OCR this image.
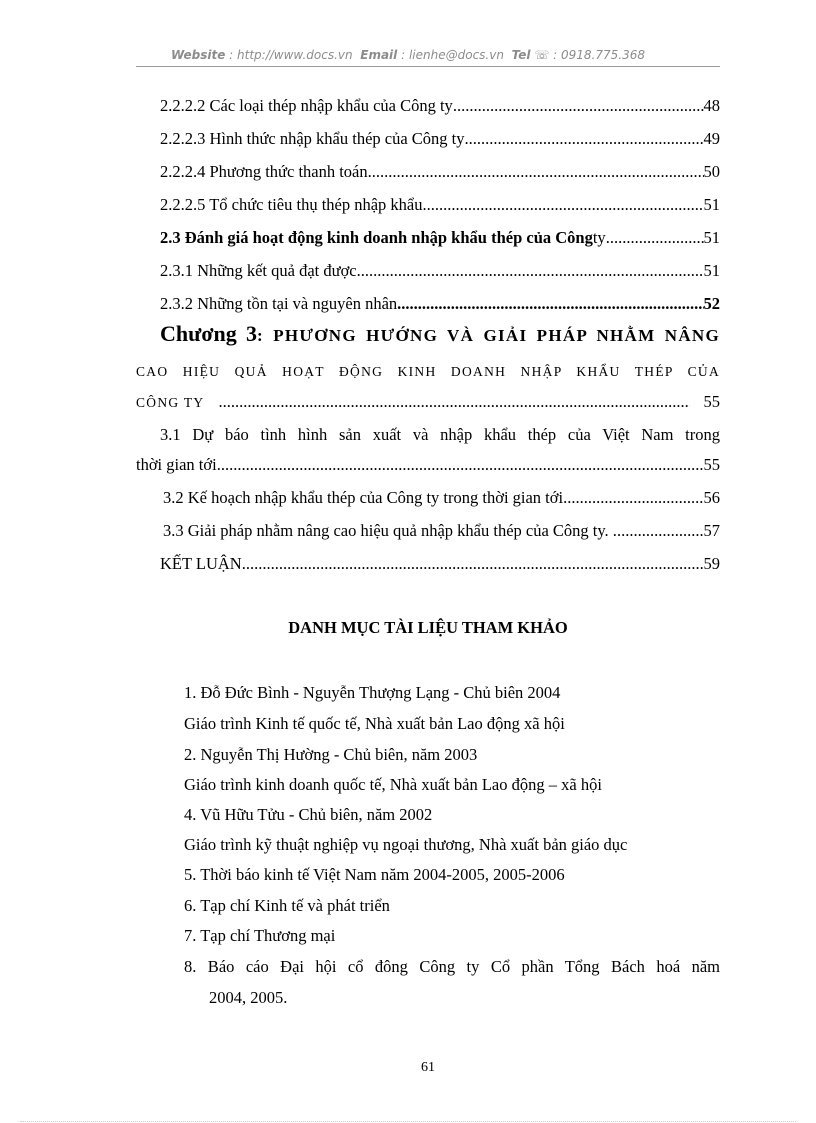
Website : http://www.docs.vn Email : lienhe@docs.vn Tel ☏ : 0918.775.368
2.2.2.2 Các loại thép nhập khẩu của Công ty .....	48
2.2.2.3 Hình thức nhập khẩu thép của Công ty .....	49
2.2.2.4 Phương thức thanh toán .....	50
2.2.2.5 Tổ chức tiêu thụ thép nhập khẩu .....	51
2.3 Đánh giá hoạt động kinh doanh nhập khẩu thép của Công ty .....	51
2.3.1 Những kết quả đạt được .....	51
2.3.2 Những tồn tại và nguyên nhân .....	52
Chương 3: PHƯƠNG HƯỚNG VÀ GIẢI PHÁP NHẰM NÂNG
CAO HIỆU QUẢ HOẠT ĐỘNG KINH DOANH NHẬP KHẨU THÉP CỦA
CÔNG TY .....	55
3.1 Dự báo tình hình sản xuất và nhập khẩu thép của Việt Nam trong
thời gian tới. .....	55
3.2 Kế hoạch nhập khẩu thép của Công ty trong thời gian tới. .....	56
3.3 Giải pháp nhằm nâng cao hiệu quả nhập khẩu thép của Công ty. . .....	57
KẾT LUẬN .....	59
DANH MỤC TÀI LIỆU THAM KHẢO
1. Đỗ Đức Bình - Nguyễn Thượng Lạng - Chủ biên 2004
Giáo trình Kinh tế quốc tế, Nhà xuất bản Lao động xã hội
2. Nguyễn Thị Hường - Chủ biên, năm 2003
Giáo trình kinh doanh quốc tế, Nhà xuất bản Lao động – xã hội
4. Vũ Hữu Tửu - Chủ biên, năm 2002
Giáo trình kỹ thuật nghiệp vụ ngoại thương, Nhà xuất bản giáo dục
5. Thời báo kinh tế Việt Nam năm 2004-2005, 2005-2006
6. Tạp chí Kinh tế và phát triển
7. Tạp chí Thương mại
8. Báo cáo Đại hội cổ đông Công ty Cổ phần Tổng Bách hoá năm
2004, 2005.
61
